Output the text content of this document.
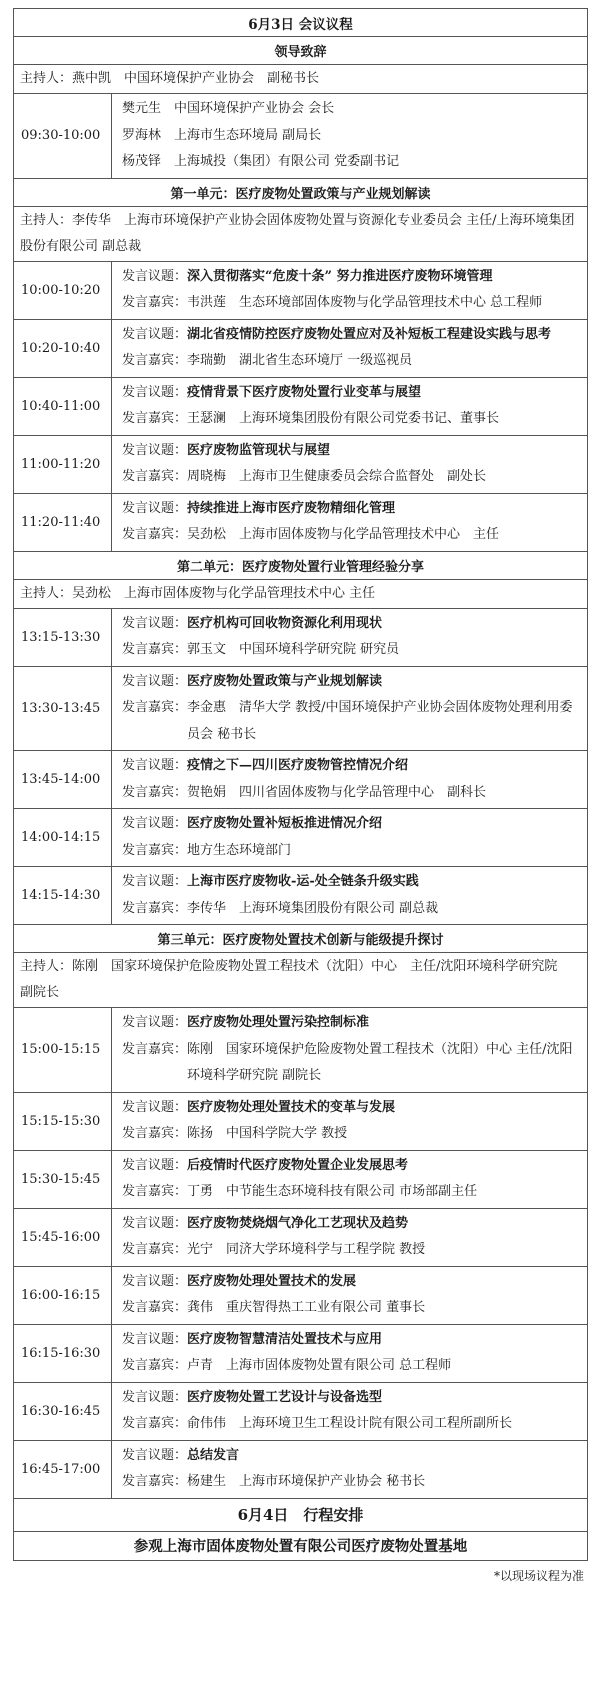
6月3日 会议议程	
领导致辞	
主持人：燕中凯　中国环境保护产业协会　副秘书长	
09:30-10:00	樊元生　中国环境保护产业协会 会长
罗海林　上海市生态环境局 副局长
杨茂铎　上海城投（集团）有限公司 党委副书记

第一单元：医疗废物处置政策与产业规划解读	
主持人：李传华　上海市环境保护产业协会固体废物处置与资源化专业委员会 主任/上海环境集团股份有限公司 副总裁	
10:00-10:20	发言议题： 深入贯彻落实“危废十条” 努力推进医疗废物环境管理
发言嘉宾： 韦洪莲　生态环境部固体废物与化学品管理技术中心 总工程师

10:20-10:40	发言议题： 湖北省疫情防控医疗废物处置应对及补短板工程建设实践与思考
发言嘉宾： 李瑞勤　湖北省生态环境厅 一级巡视员

10:40-11:00	发言议题： 疫情背景下医疗废物处置行业变革与展望
发言嘉宾： 王瑟澜　上海环境集团股份有限公司党委书记、董事长

11:00-11:20	发言议题： 医疗废物监管现状与展望
发言嘉宾： 周晓梅　上海市卫生健康委员会综合监督处　副处长

11:20-11:40	发言议题： 持续推进上海市医疗废物精细化管理
发言嘉宾： 吴劲松　上海市固体废物与化学品管理技术中心　主任

第二单元：医疗废物处置行业管理经验分享	
主持人：吴劲松　上海市固体废物与化学品管理技术中心 主任	
13:15-13:30	发言议题： 医疗机构可回收物资源化利用现状
发言嘉宾： 郭玉文　中国环境科学研究院 研究员

13:30-13:45	发言议题： 医疗废物处置政策与产业规划解读
发言嘉宾： 李金惠　清华大学 教授/中国环境保护产业协会固体废物处理利用委员会 秘书长

13:45-14:00	发言议题： 疫情之下—四川医疗废物管控情况介绍
发言嘉宾： 贺艳娟　四川省固体废物与化学品管理中心　副科长

14:00-14:15	发言议题： 医疗废物处置补短板推进情况介绍
发言嘉宾： 地方生态环境部门

14:15-14:30	发言议题： 上海市医疗废物收-运-处全链条升级实践
发言嘉宾： 李传华　上海环境集团股份有限公司 副总裁

第三单元：医疗废物处置技术创新与能级提升探讨	
主持人：陈刚　国家环境保护危险废物处置工程技术（沈阳）中心　主任/沈阳环境科学研究院　副院长	
15:00-15:15	发言议题： 医疗废物处理处置污染控制标准
发言嘉宾： 陈刚　国家环境保护危险废物处置工程技术（沈阳）中心 主任/沈阳环境科学研究院 副院长

15:15-15:30	发言议题： 医疗废物处理处置技术的变革与发展
发言嘉宾： 陈扬　中国科学院大学 教授

15:30-15:45	发言议题： 后疫情时代医疗废物处置企业发展思考
发言嘉宾： 丁勇　中节能生态环境科技有限公司 市场部副主任

15:45-16:00	发言议题： 医疗废物焚烧烟气净化工艺现状及趋势
发言嘉宾： 光宁　同济大学环境科学与工程学院 教授

16:00-16:15	发言议题： 医疗废物处理处置技术的发展
发言嘉宾： 龚伟　重庆智得热工工业有限公司 董事长

16:15-16:30	发言议题： 医疗废物智慧清洁处置技术与应用
发言嘉宾： 卢青　上海市固体废物处置有限公司 总工程师

16:30-16:45	发言议题： 医疗废物处置工艺设计与设备选型
发言嘉宾： 俞伟伟　上海环境卫生工程设计院有限公司工程所副所长

16:45-17:00	发言议题： 总结发言
发言嘉宾： 杨建生　上海市环境保护产业协会 秘书长
6月4日　行程安排
参观上海市固体废物处置有限公司医疗废物处置基地
*以现场议程为准
